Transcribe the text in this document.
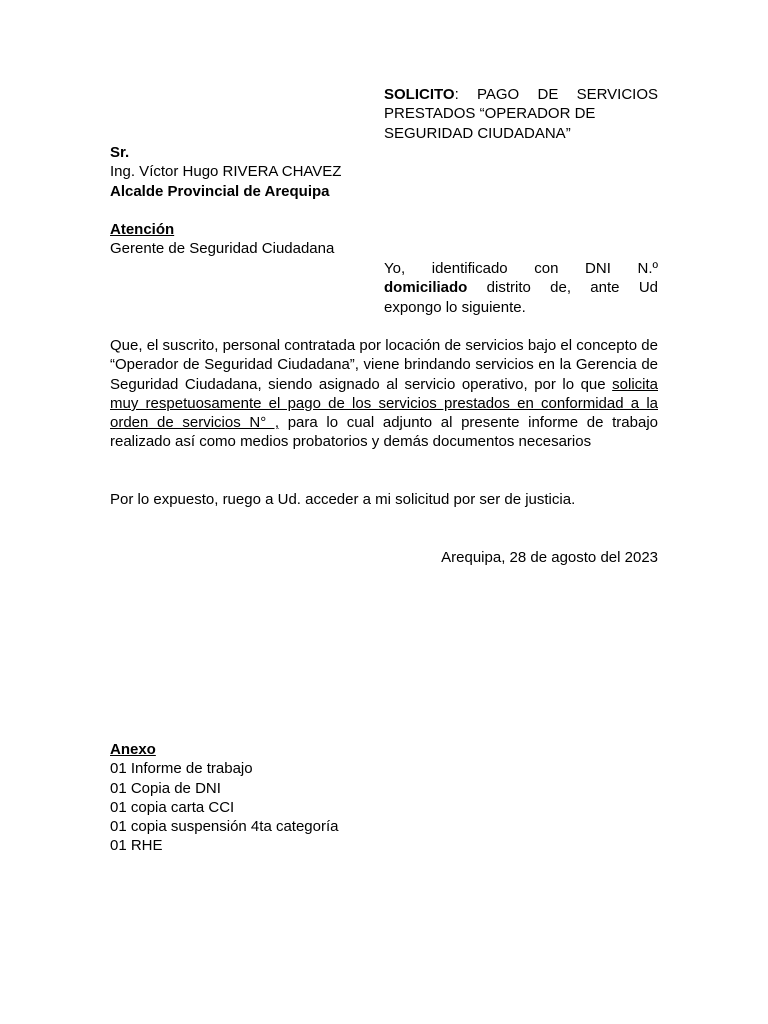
SOLICITO: PAGO DE SERVICIOS PRESTADOS “OPERADOR DE

SEGURIDAD CIUDADANA”
Sr.
Ing. Víctor Hugo RIVERA CHAVEZ
Alcalde Provincial de Arequipa
Atención
Gerente de Seguridad Ciudadana
Yo, identificado con DNI N.º
domiciliado distrito de, ante Ud
expongo lo siguiente.
Que, el suscrito, personal contratada por locación de servicios bajo el concepto de “Operador de Seguridad Ciudadana”, viene brindando servicios en la Gerencia de Seguridad Ciudadana, siendo asignado al servicio operativo, por lo que solicita muy respetuosamente el pago de los servicios prestados en conformidad a la orden de servicios N° , para lo cual adjunto al presente informe de trabajo realizado así como medios probatorios y demás documentos necesarios
Por lo expuesto, ruego a Ud. acceder a mi solicitud por ser de justicia.
Arequipa, 28 de agosto del 2023
Anexo
01 Informe de trabajo
01 Copia de DNI
01 copia carta CCI
01 copia suspensión 4ta categoría
01 RHE
